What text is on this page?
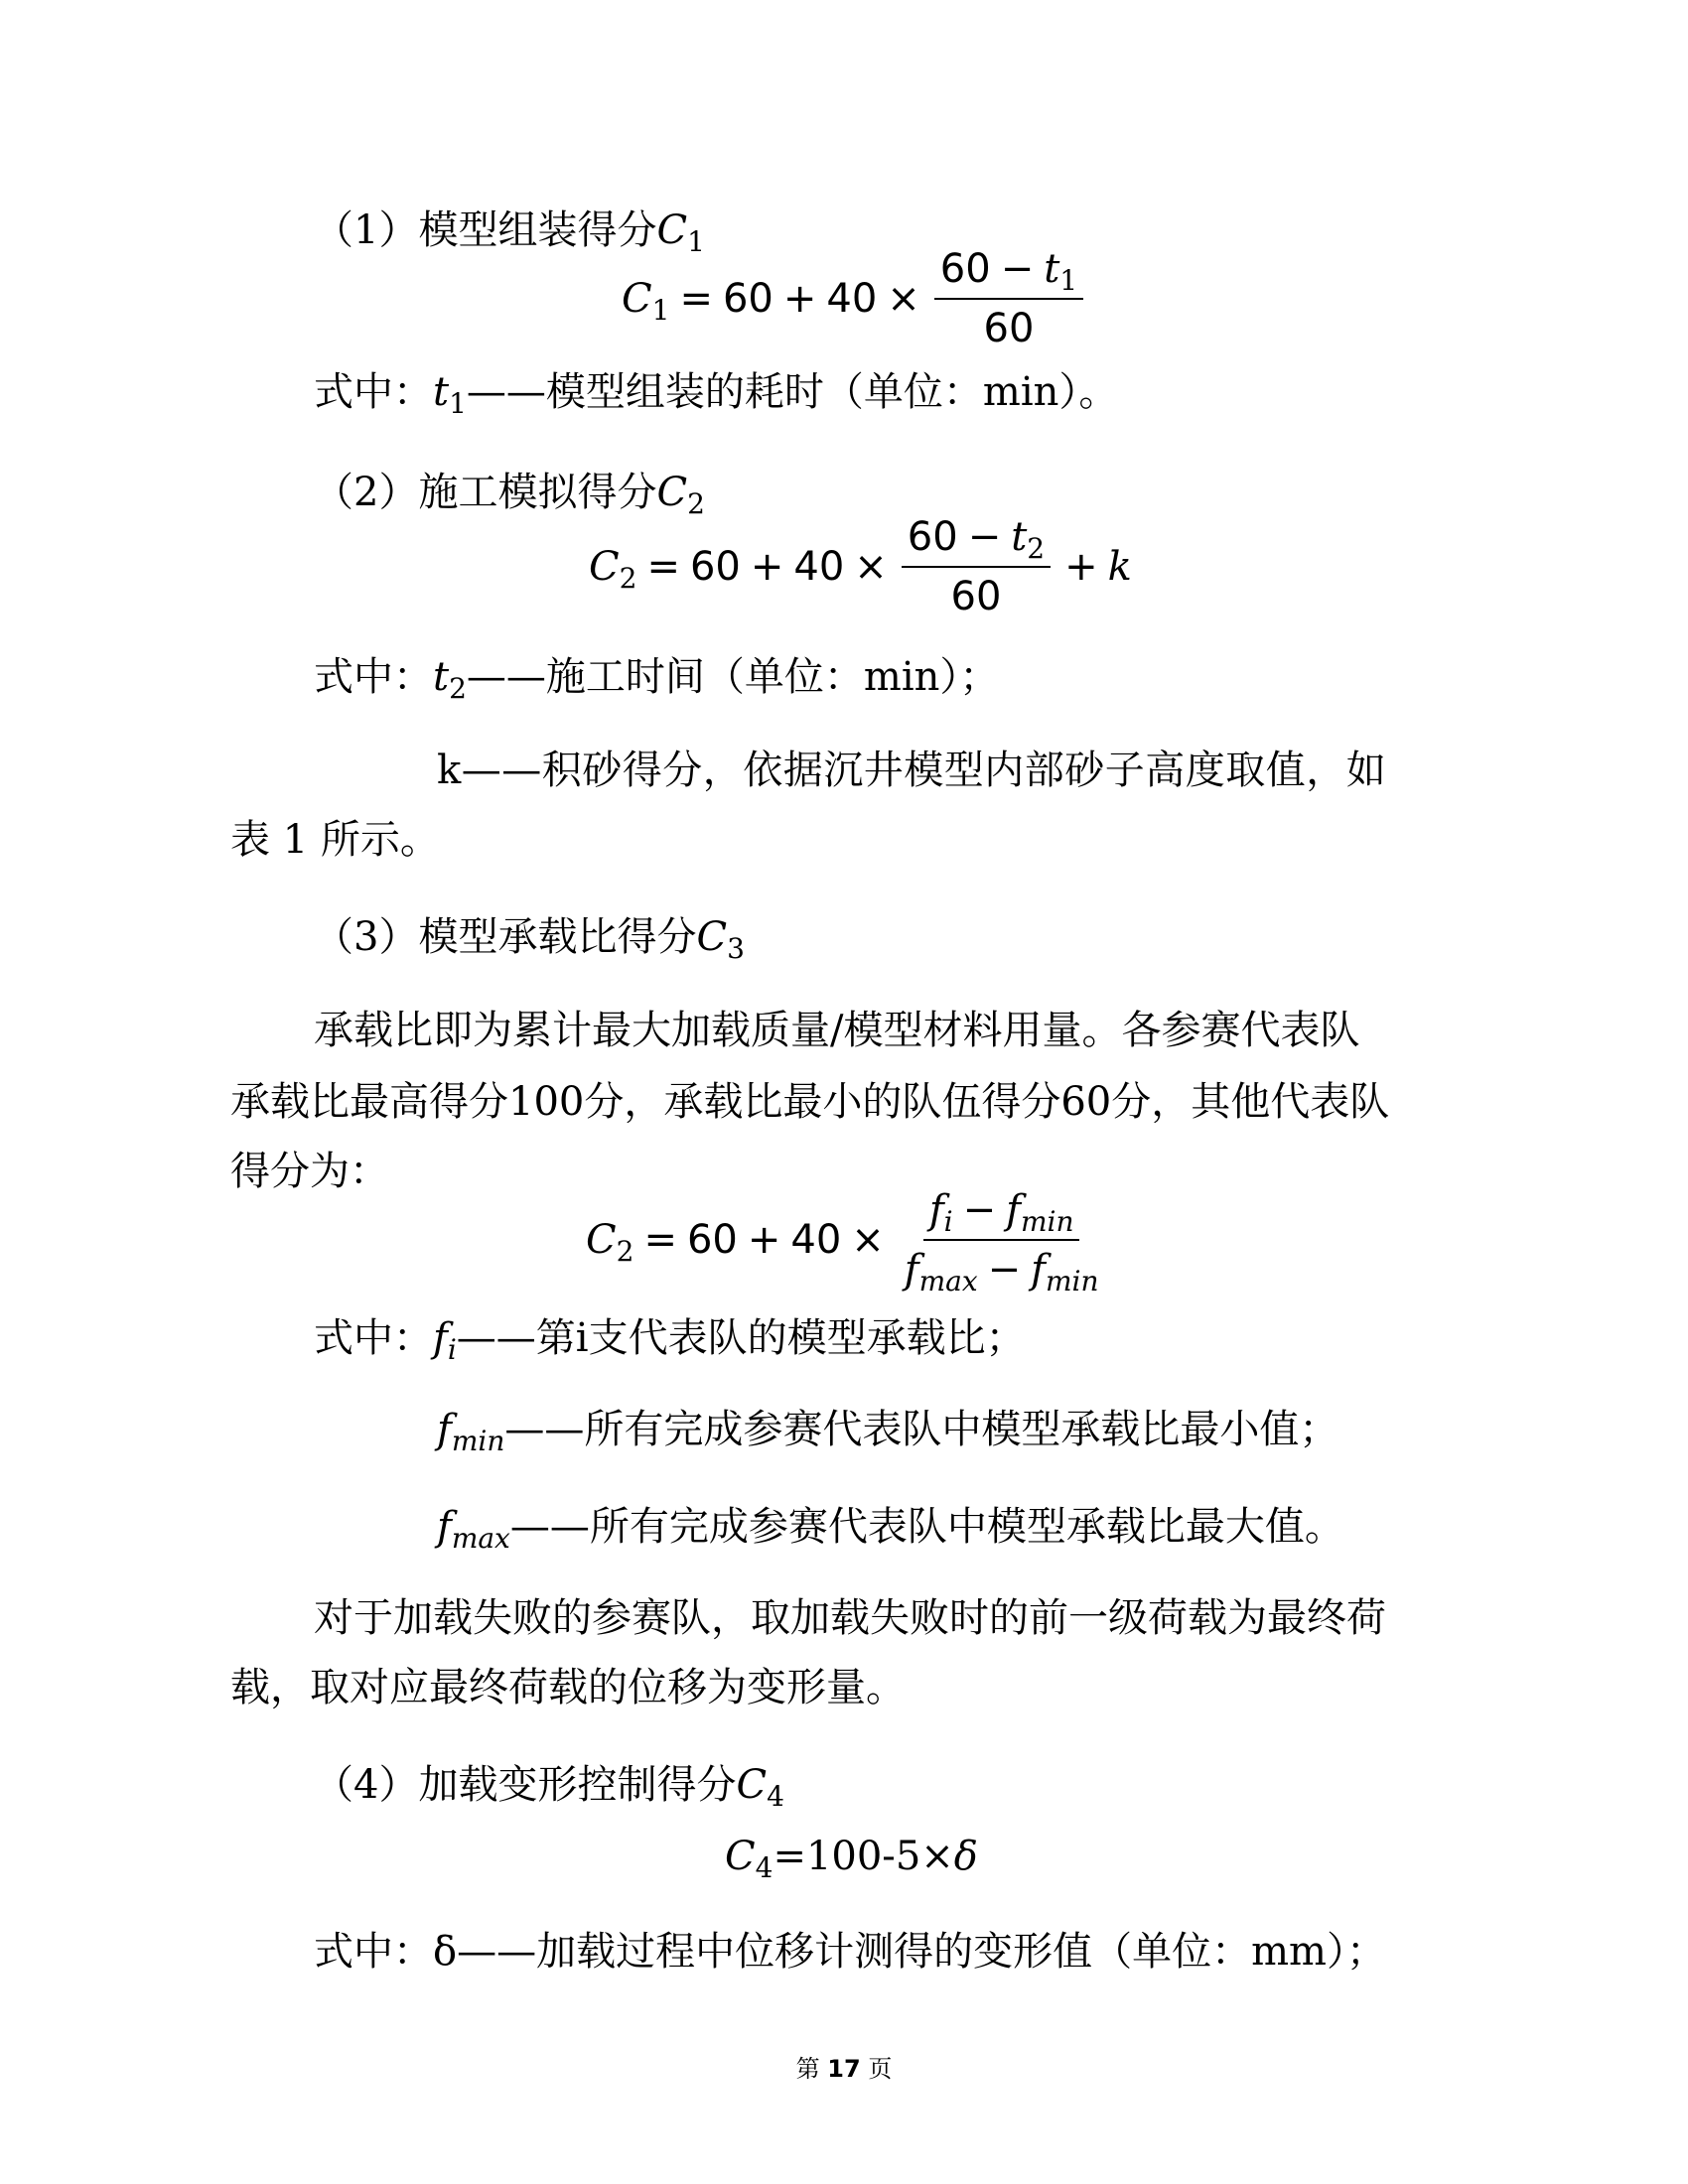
（1）模型组装得分C1
$C1 = 60 + 40 \times \frac{60 - t1}{60}$
式中：t1——模型组装的耗时（单位：min）。
（2）施工模拟得分C2
$C2 = 60 + 40 \times \frac{60 - t2}{60} + k$
式中：t2——施工时间（单位：min）；
k——积砂得分，依据沉井模型内部砂子高度取值，如
表 1 所示。
（3）模型承载比得分C3
承载比即为累计最大加载质量/模型材料用量。各参赛代表队
承载比最高得分100分，承载比最小的队伍得分60分，其他代表队
得分为：
$C2 = 60 + 40 \times \frac{fi - fmin}{fmax - fmin}$
式中：fi——第i支代表队的模型承载比；
fmin——所有完成参赛代表队中模型承载比最小值；
fmax——所有完成参赛代表队中模型承载比最大值。
对于加载失败的参赛队，取加载失败时的前一级荷载为最终荷
载，取对应最终荷载的位移为变形量。
（4）加载变形控制得分C4
C4=100-5×δ
式中：δ——加载过程中位移计测得的变形值（单位：mm）；
第 17 页
